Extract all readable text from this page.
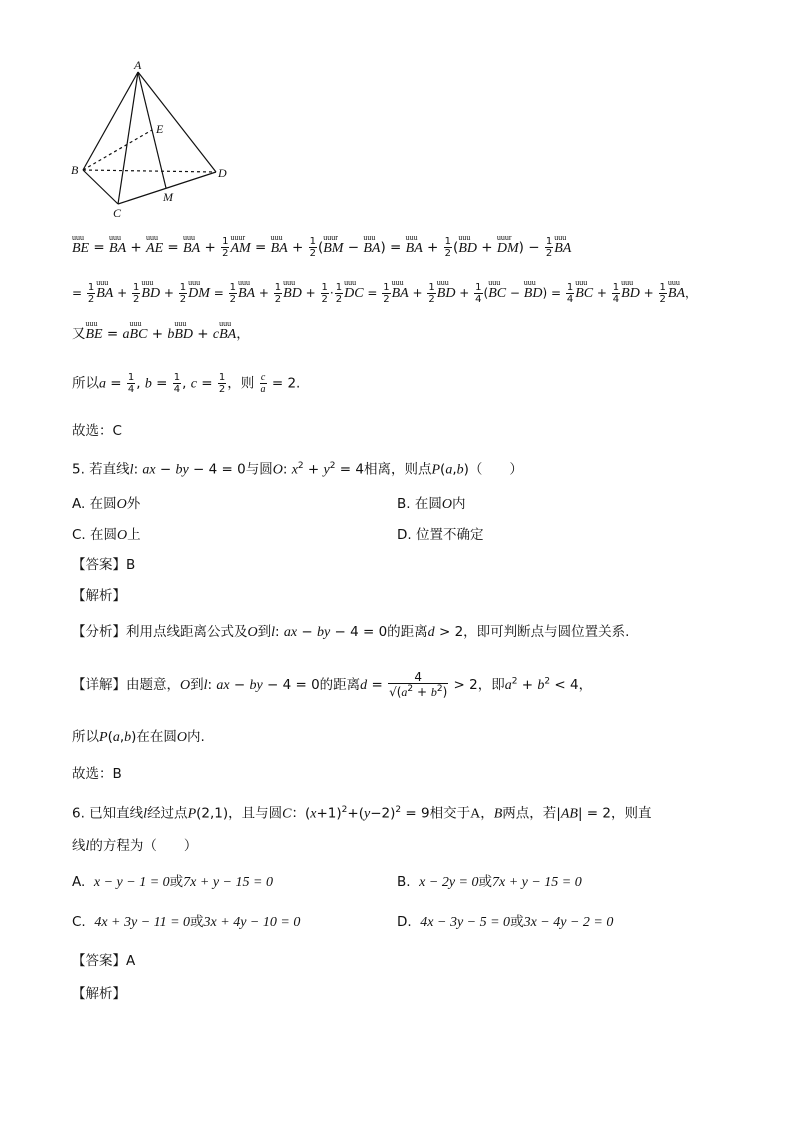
A
B
C
D
E
M
uuu BE = uuu BA + uuu AE = uuu BA + $\frac{1}{2}$ uuur AM = uuu BA + $\frac{1}{2}$ (uuur BM − uuu BA) = uuu BA + $\frac{1}{2} (uuu$ BD + uuur $DM) - \frac{1}{2}$ uuu BA
= $\frac{1}{2}$ uuu BA + $\frac{1}{2}$ uuu BD + $\frac{1}{2}$ uuu DM = $\frac{1}{2}$ uuu BA + $\frac{1}{2}$ uuu BD + $\frac{1}{2} \cdot \frac{1}{2}$ uuu DC = $\frac{1}{2}$ uuu BA + $\frac{1}{2}$ uuu BD + $\frac{1}{4} (uuu$ BC − uuu $BD) = \frac{1}{4}$ uuu BC + $\frac{1}{4}$ uuu BD + $\frac{1}{2}$ uuu BA，
又uuu BE = auuu BC + buuu BD + cuuu BA，
所以$a = \frac{1}{4}$ , $b = \frac{1}{4}$ , $c = \frac{1}{2}$ ，则 $\frac{c}{a} = 2$.
故选：C
5. 若直线l: ax − by − 4 = 0与圆O: $x^2 + y^2 = 4$相离，则点P(a,b)（　　）
A. 在圆O外	B. 在圆O内
C. 在圆O上	D. 位置不确定
【答案】B
【解析】
【分析】利用点线距离公式及O到l: ax − by − 4 = 0的距离d > 2，即可判断点与圆位置关系.
【详解】由题意，O到l: ax − by − 4 = 0的距离$d = \frac{4}{√(a^2 + b^2)} > 2$，即$a^2 + b^2 < 4$，
所以P(a,b)在在圆O内.
故选：B
6. 已知直线l经过点P(2,1)，且与圆C：$(x+1)^2+(y-2)^2 = 9$相交于A，B两点，若|AB| = 2，则直
线l的方程为（　　）
A. x − y − 1 = 0或7x + y − 15 = 0	B. x − 2y = 0或7x + y − 15 = 0
C. 4x + 3y − 11 = 0或3x + 4y − 10 = 0	D. 4x − 3y − 5 = 0或3x − 4y − 2 = 0
【答案】A
【解析】
